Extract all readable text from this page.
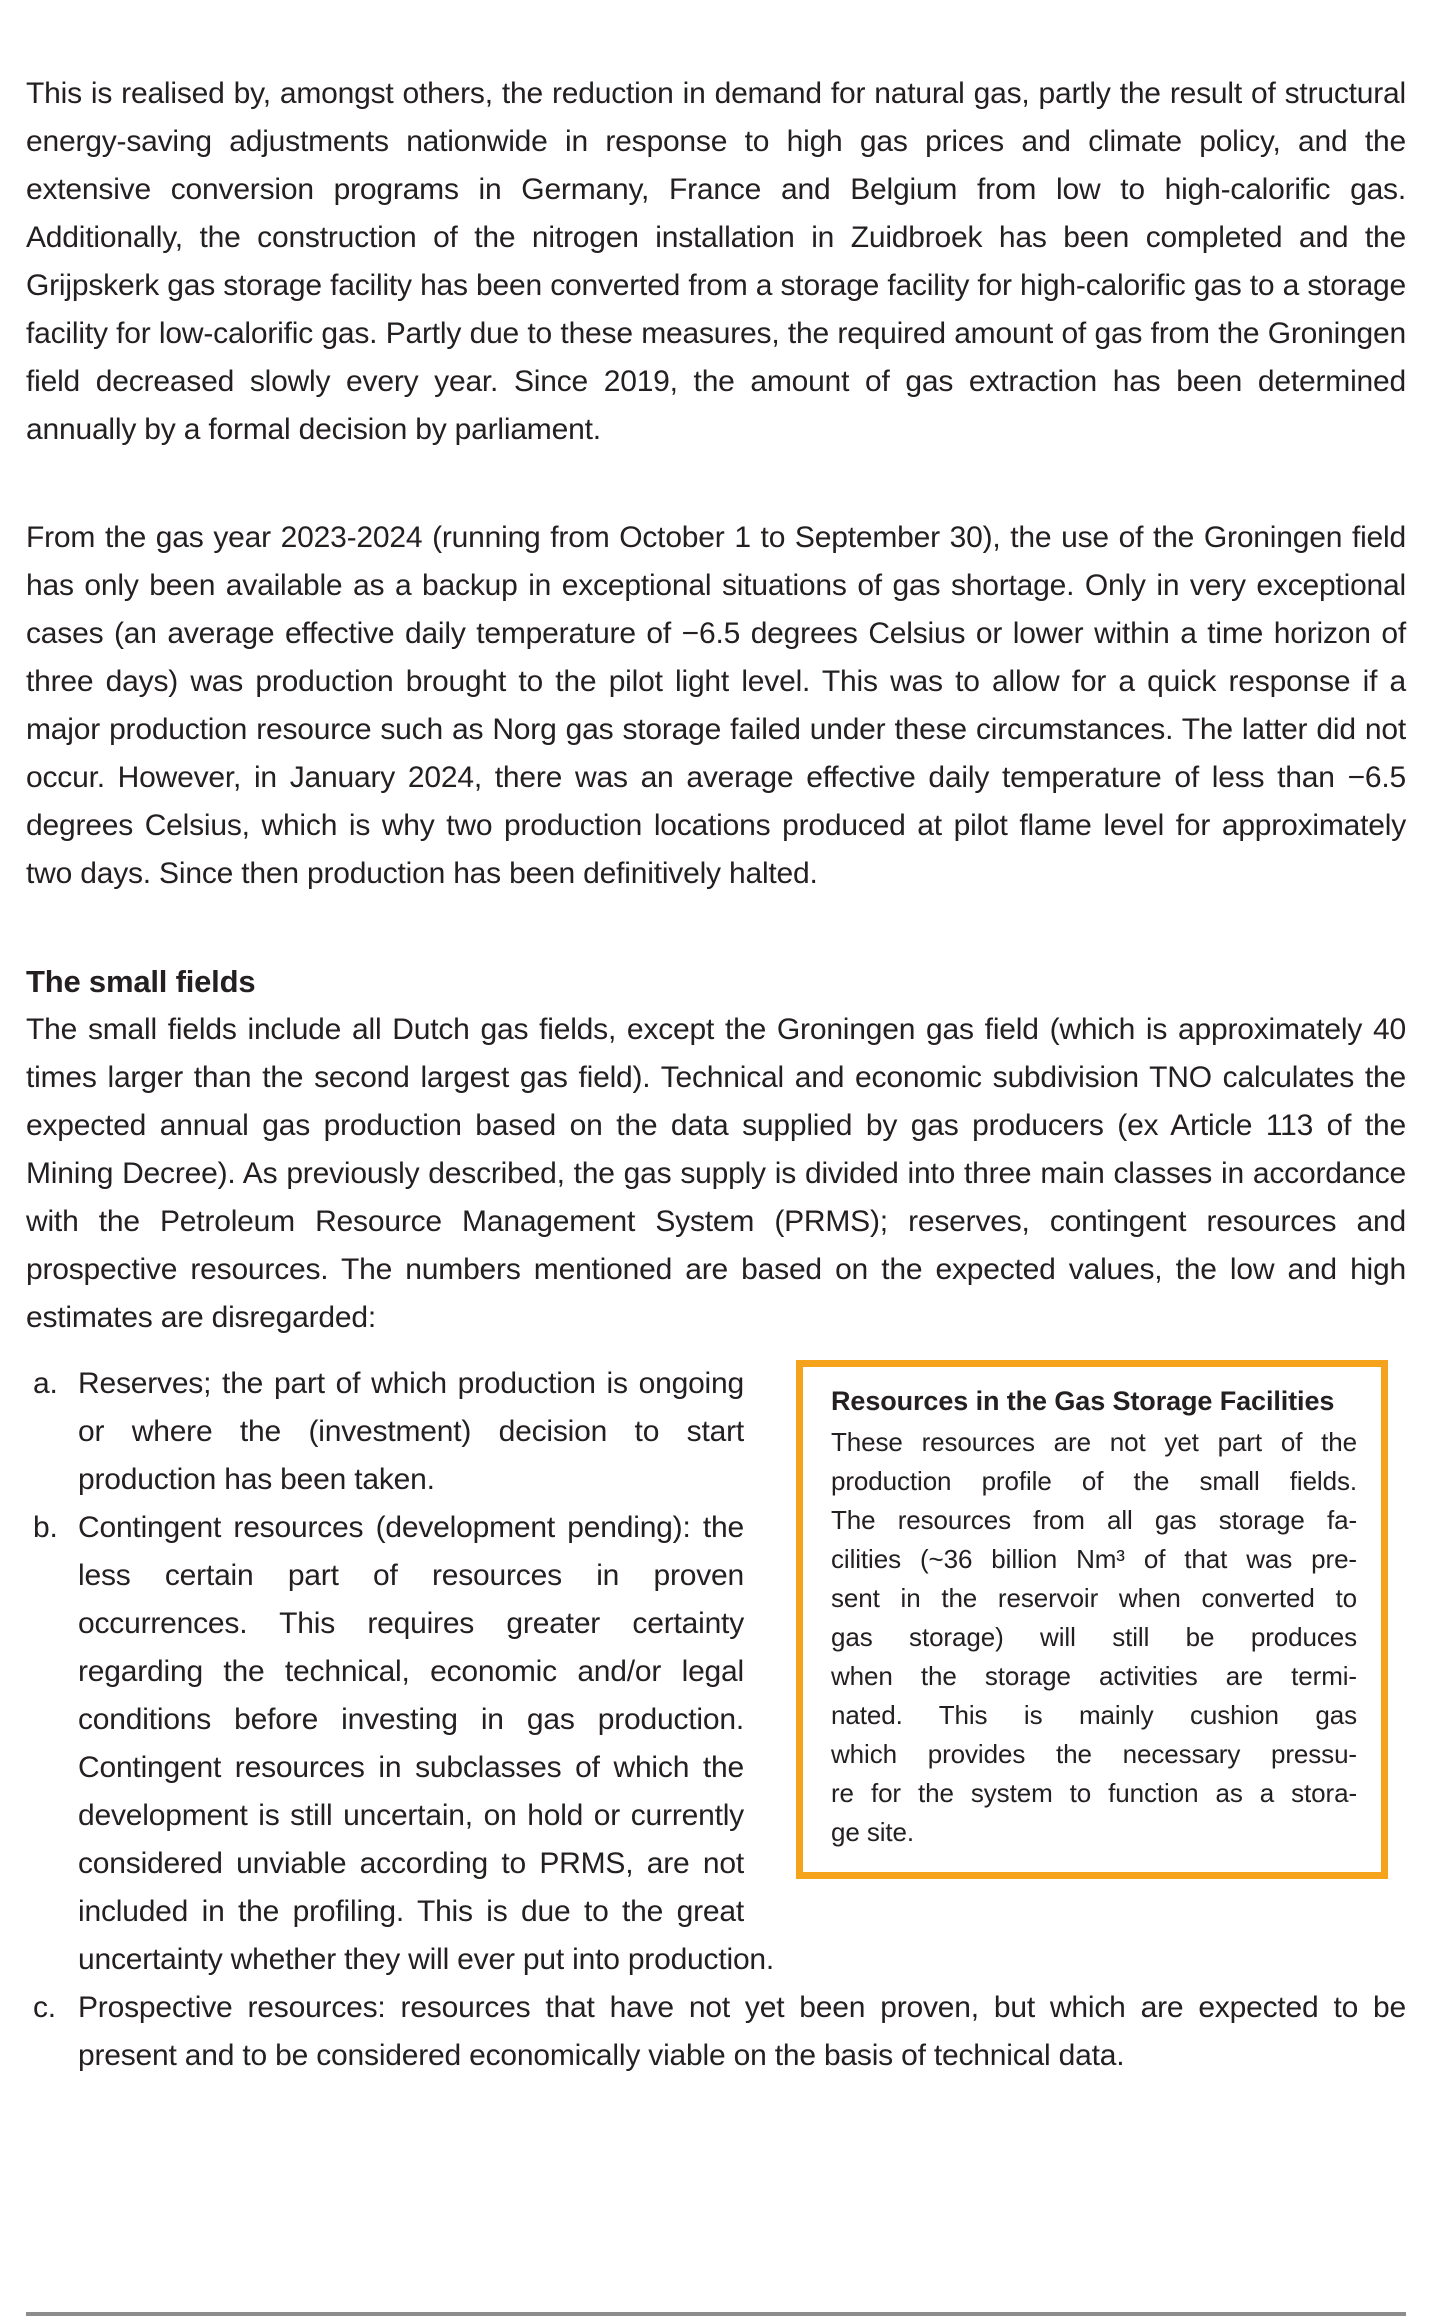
This is realised by, amongst others, the reduction in demand for natural gas, partly the result of structural energy-saving adjustments nationwide in response to high gas prices and climate policy, and the extensive conversion programs in Germany, France and Belgium from low to high-calorific gas. Additionally, the construction of the nitrogen installation in Zuidbroek has been completed and the Grijpskerk gas storage facility has been converted from a storage facility for high-calorific gas to a storage facility for low-calorific gas. Partly due to these measures, the required amount of gas from the Groningen field decreased slowly every year. Since 2019, the amount of gas extraction has been determined annually by a formal decision by parliament.

From the gas year 2023-2024 (running from October 1 to September 30), the use of the Groningen field has only been available as a backup in exceptional situations of gas shortage. Only in very exceptional cases (an average effective daily temperature of −6.5 degrees Celsius or lower within a time horizon of three days) was production brought to the pilot light level. This was to allow for a quick response if a major production resource such as Norg gas storage failed under these circumstances. The latter did not occur. However, in January 2024, there was an average effective daily temperature of less than −6.5 degrees Celsius, which is why two production locations produced at pilot flame level for approximately two days. Since then production has been definitively halted.

The small fields

The small fields include all Dutch gas fields, except the Groningen gas field (which is approximately 40 times larger than the second largest gas field). Technical and economic subdivision TNO calculates the expected annual gas production based on the data supplied by gas producers (ex Article 113 of the Mining Decree). As previously described, the gas supply is divided into three main classes in accordance with the Petroleum Resource Management System (PRMS); reserves, contingent resources and prospective resources. The numbers mentioned are based on the expected values, the low and high estimates are disregarded:

Resources in the Gas Storage Facilities
These resources are not yet part of the
production profile of the small fields.
The resources from all gas storage fa-
cilities (~36 billion Nm³ of that was pre-
sent in the reservoir when converted to
gas storage) will still be produces
when the storage activities are termi-
nated. This is mainly cushion gas
which provides the necessary pressu-
re for the system to function as a stora-
ge site.
a. Reserves; the part of which production is ongoing or where the (investment) decision to start production has been taken.
b. Contingent resources (development pending): the less certain part of resources in proven occurrences. This requires greater certainty regarding the technical, economic and/or legal conditions before investing in gas production. Contingent resources in subclasses of which the development is still uncertain, on hold or currently considered unviable according to PRMS, are not included in the profiling. This is due to the great uncertainty whether they will ever put into production.
c. Prospective resources: resources that have not yet been proven, but which are expected to be present and to be considered economically viable on the basis of technical data.
